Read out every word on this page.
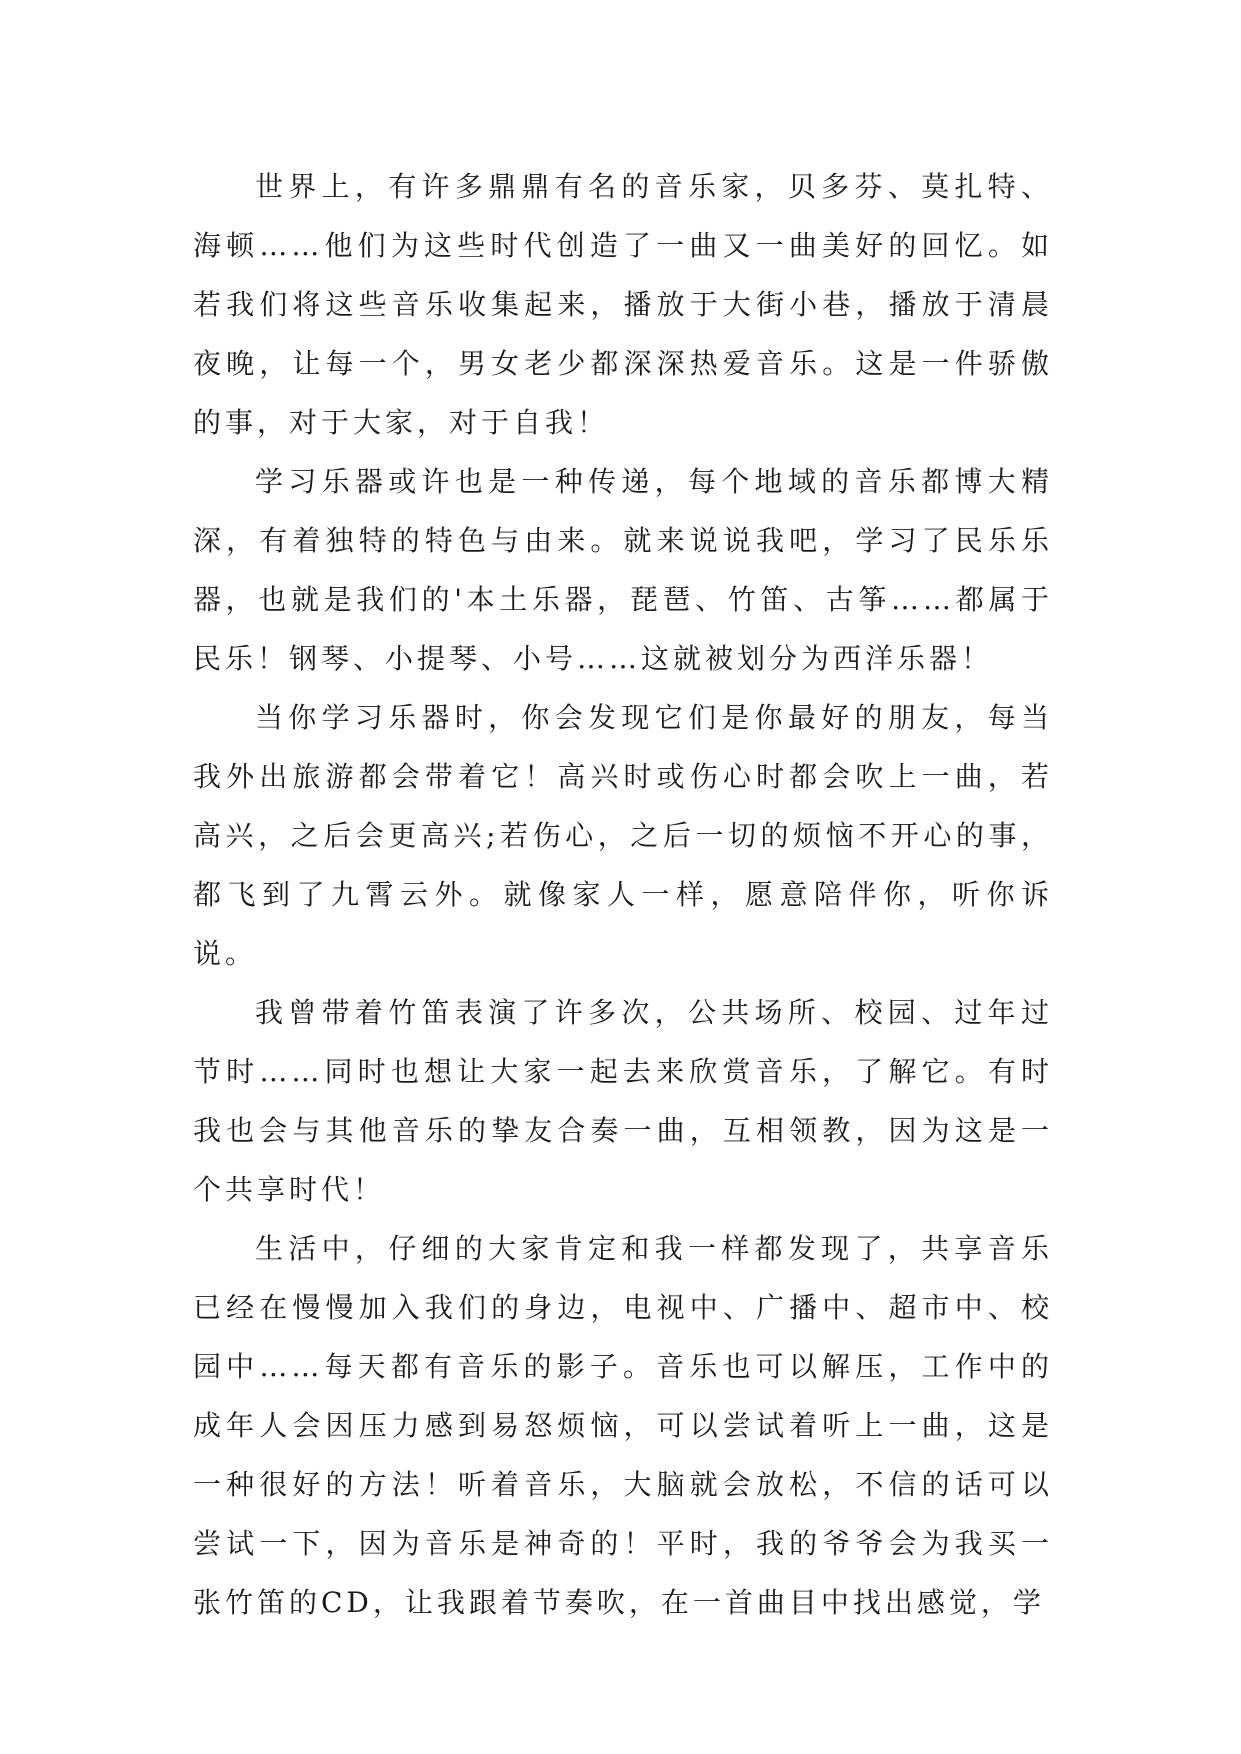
世界上，有许多鼎鼎有名的音乐家，贝多芬、莫扎特、海顿……他们为这些时代创造了一曲又一曲美好的回忆。如若我们将这些音乐收集起来，播放于大街小巷，播放于清晨夜晚，让每一个，男女老少都深深热爱音乐。这是一件骄傲的事，对于大家，对于自我！

学习乐器或许也是一种传递，每个地域的音乐都博大精深，有着独特的特色与由来。就来说说我吧，学习了民乐乐器，也就是我们的'本土乐器，琵琶、竹笛、古筝……都属于民乐！钢琴、小提琴、小号……这就被划分为西洋乐器！

当你学习乐器时，你会发现它们是你最好的朋友，每当我外出旅游都会带着它！高兴时或伤心时都会吹上一曲，若高兴，之后会更高兴;若伤心，之后一切的烦恼不开心的事，都飞到了九霄云外。就像家人一样，愿意陪伴你，听你诉说。

我曾带着竹笛表演了许多次，公共场所、校园、过年过节时……同时也想让大家一起去来欣赏音乐，了解它。有时我也会与其他音乐的挚友合奏一曲，互相领教，因为这是一个共享时代！

生活中，仔细的大家肯定和我一样都发现了，共享音乐已经在慢慢加入我们的身边，电视中、广播中、超市中、校园中……每天都有音乐的影子。音乐也可以解压，工作中的成年人会因压力感到易怒烦恼，可以尝试着听上一曲，这是一种很好的方法！听着音乐，大脑就会放松，不信的话可以尝试一下，因为音乐是神奇的！平时，我的爷爷会为我买一张竹笛的CD，让我跟着节奏吹，在一首曲目中找出感觉，学
